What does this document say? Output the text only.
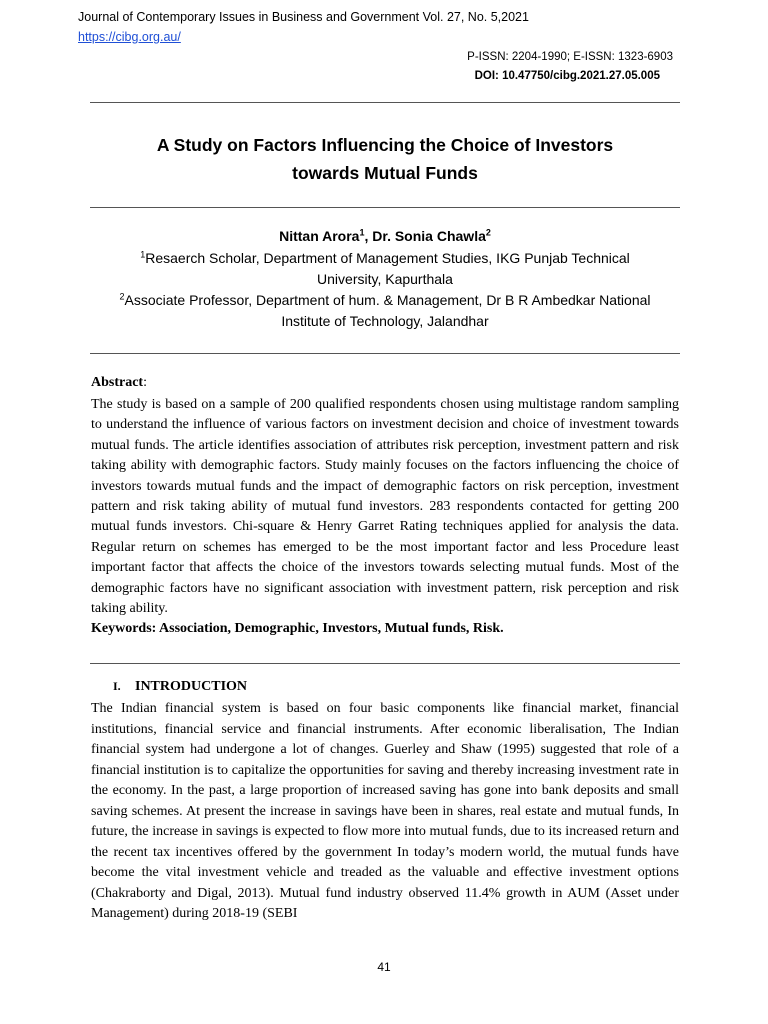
Journal of Contemporary Issues in Business and Government Vol. 27, No. 5,2021
https://cibg.org.au/
P-ISSN: 2204-1990; E-ISSN: 1323-6903
DOI: 10.47750/cibg.2021.27.05.005
A Study on Factors Influencing the Choice of Investors
towards Mutual Funds
Nittan Arora$^1$, Dr. Sonia Chawla$^2$
$^1$Resaerch Scholar, Department of Management Studies, IKG Punjab Technical
University, Kapurthala
$^2$Associate Professor, Department of hum. & Management, Dr B R Ambedkar National
Institute of Technology, Jalandhar
Abstract:
The study is based on a sample of 200 qualified respondents chosen using multistage random sampling to understand the influence of various factors on investment decision and choice of investment towards mutual funds. The article identifies association of attributes risk perception, investment pattern and risk taking ability with demographic factors. Study mainly focuses on the factors influencing the choice of investors towards mutual funds and the impact of demographic factors on risk perception, investment pattern and risk taking ability of mutual fund investors. 283 respondents contacted for getting 200 mutual funds investors. Chi-square & Henry Garret Rating techniques applied for analysis the data. Regular return on schemes has emerged to be the most important factor and less Procedure least important factor that affects the choice of the investors towards selecting mutual funds. Most of the demographic factors have no significant association with investment pattern, risk perception and risk taking ability.
Keywords: Association, Demographic, Investors, Mutual funds, Risk.
I. INTRODUCTION
The Indian financial system is based on four basic components like financial market, financial institutions, financial service and financial instruments. After economic liberalisation, The Indian financial system had undergone a lot of changes. Guerley and Shaw (1995) suggested that role of a financial institution is to capitalize the opportunities for saving and thereby increasing investment rate in the economy. In the past, a large proportion of increased saving has gone into bank deposits and small saving schemes. At present the increase in savings have been in shares, real estate and mutual funds, In future, the increase in savings is expected to flow more into mutual funds, due to its increased return and the recent tax incentives offered by the government In today’s modern world, the mutual funds have become the vital investment vehicle and treaded as the valuable and effective investment options (Chakraborty and Digal, 2013). Mutual fund industry observed 11.4% growth in AUM (Asset under Management) during 2018-19 (SEBI
41
